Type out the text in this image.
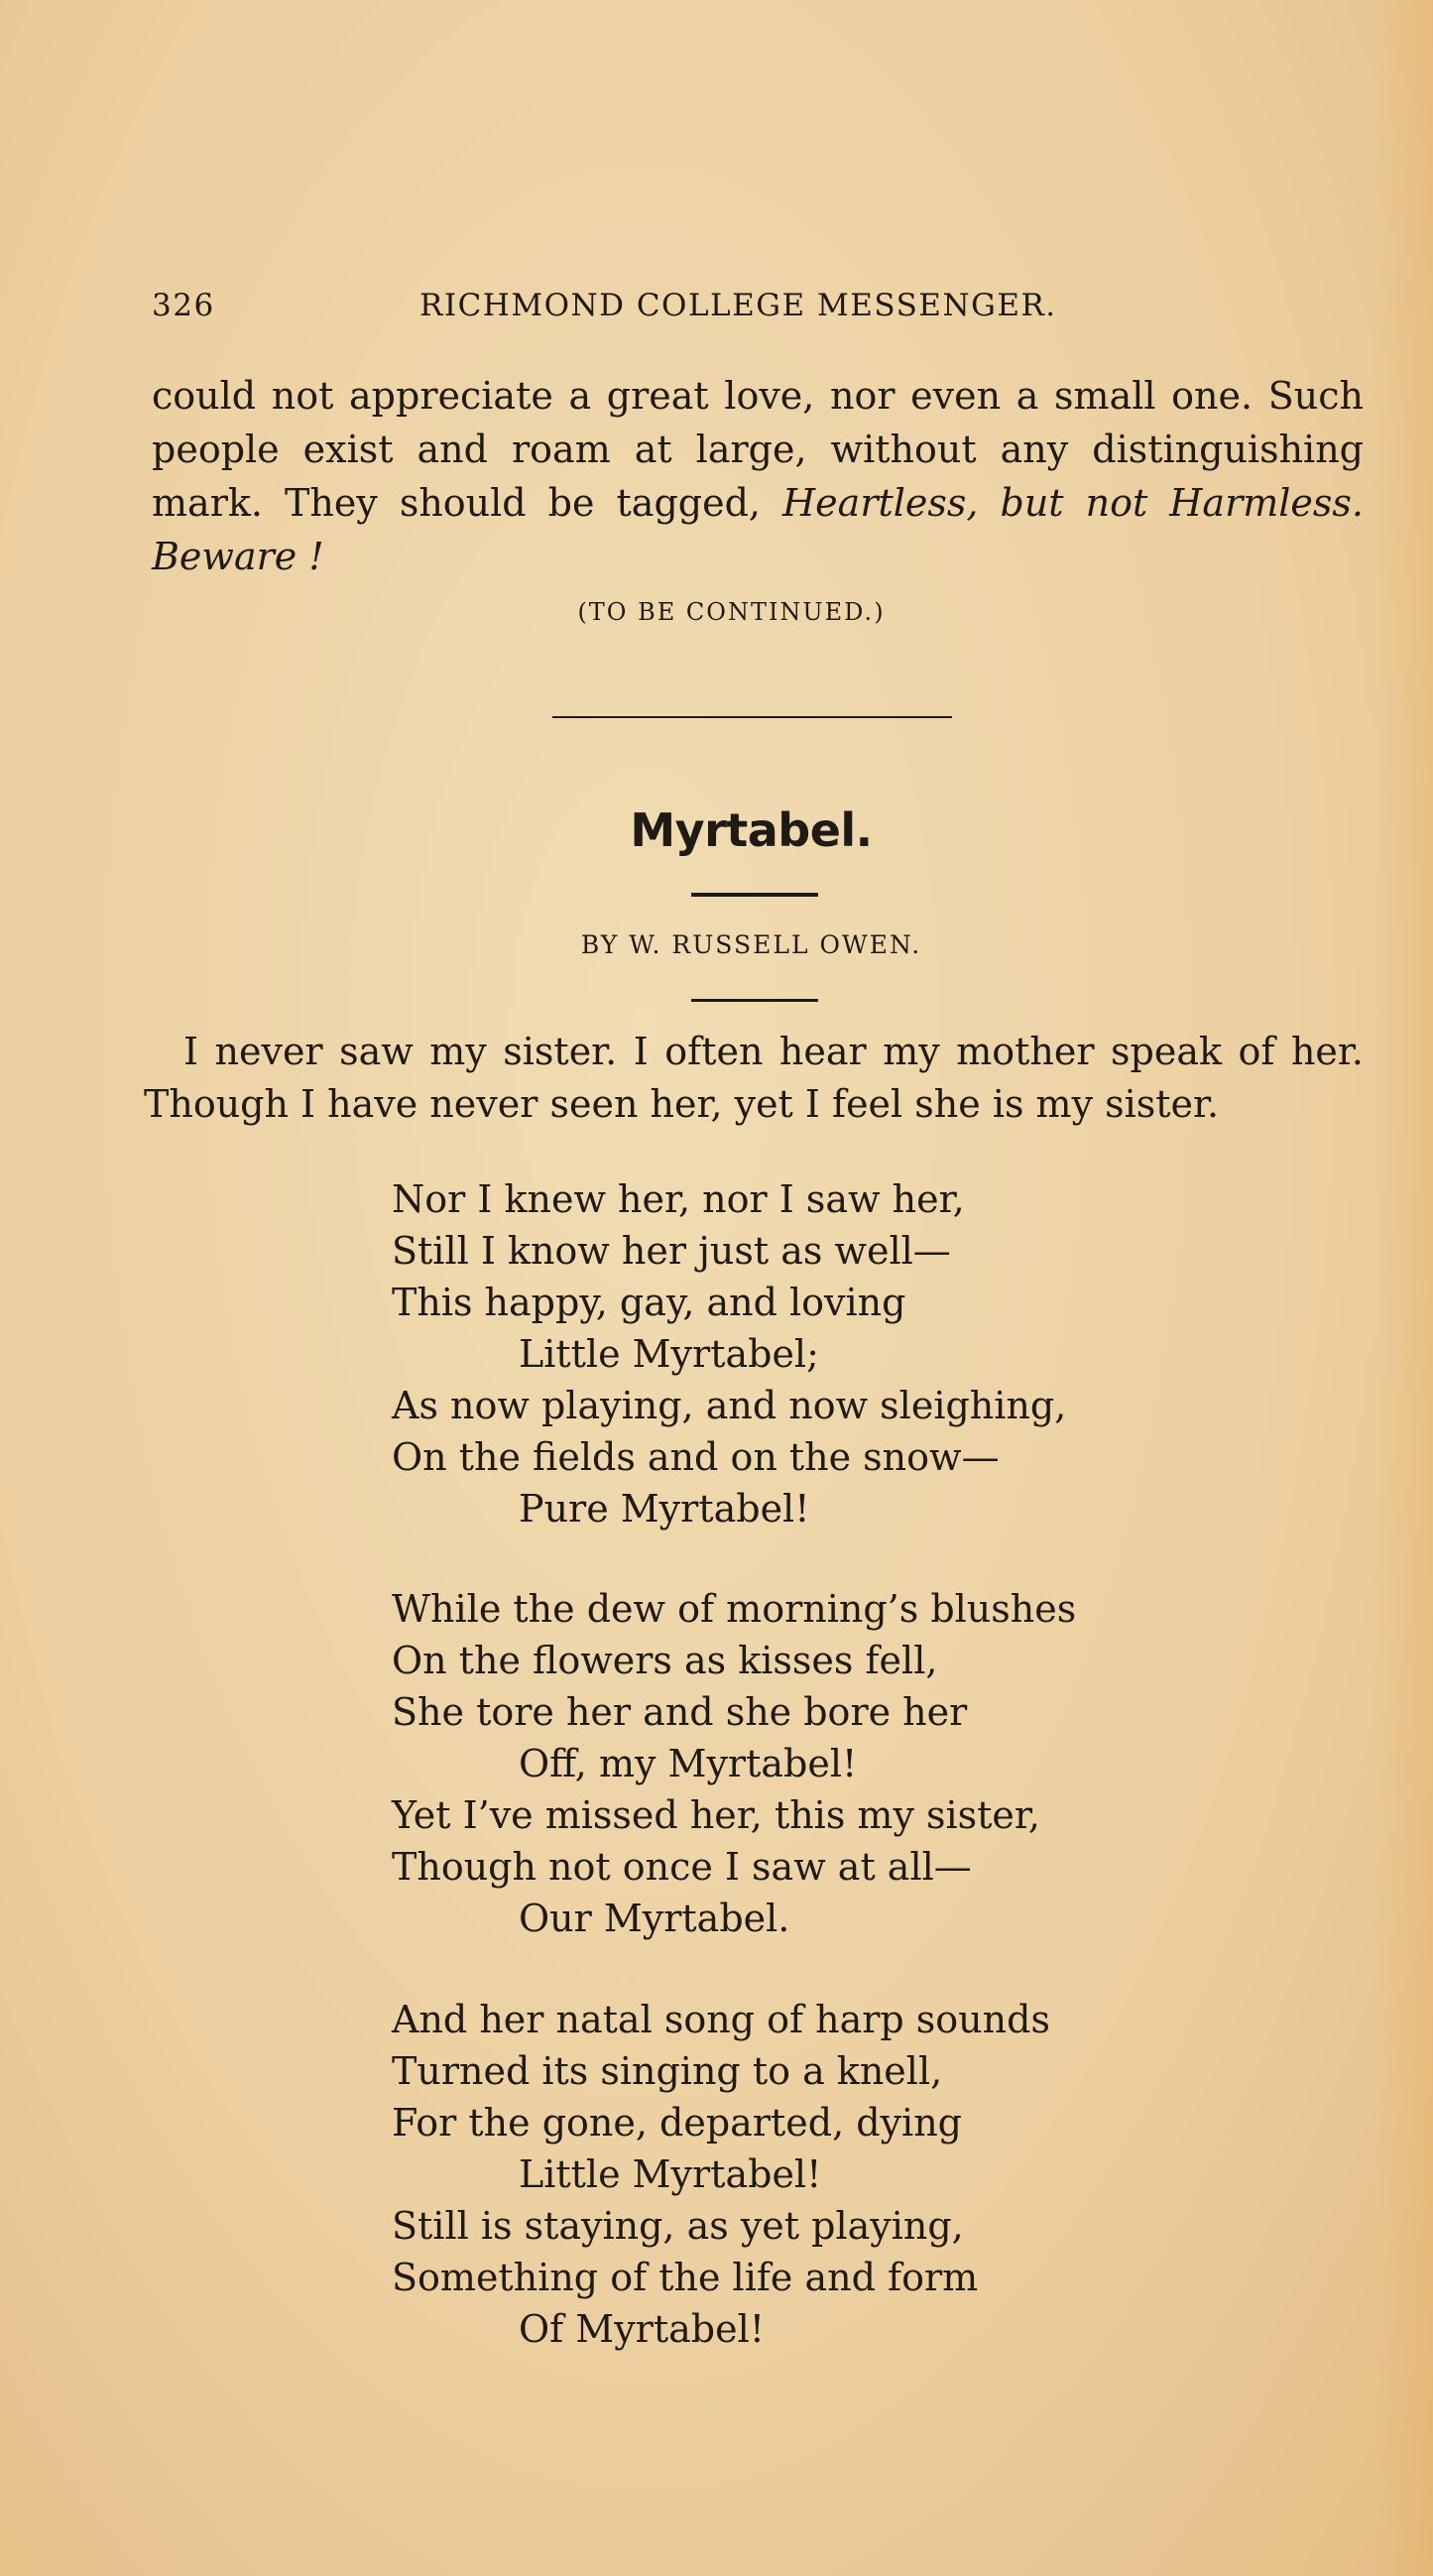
326	RICHMOND COLLEGE MESSENGER.

could not appreciate a great love, nor even a small one. Such people exist and roam at large, without any distinguishing mark. They should be tagged, Heartless, but not Harmless. Beware !

(TO BE CONTINUED.)
Myrtabel.
BY W. RUSSELL OWEN.

I never saw my sister. I often hear my mother speak of her. Though I have never seen her, yet I feel she is my sister.

Nor I knew her, nor I saw her,
Still I know her just as well—
This happy, gay, and loving
Little Myrtabel;
As now playing, and now sleighing,
On the fields and on the snow—
Pure Myrtabel!
While the dew of morning’s blushes
On the flowers as kisses fell,
She tore her and she bore her
Off, my Myrtabel!
Yet I’ve missed her, this my sister,
Though not once I saw at all—
Our Myrtabel.
And her natal song of harp sounds
Turned its singing to a knell,
For the gone, departed, dying
Little Myrtabel!
Still is staying, as yet playing,
Something of the life and form
Of Myrtabel!
